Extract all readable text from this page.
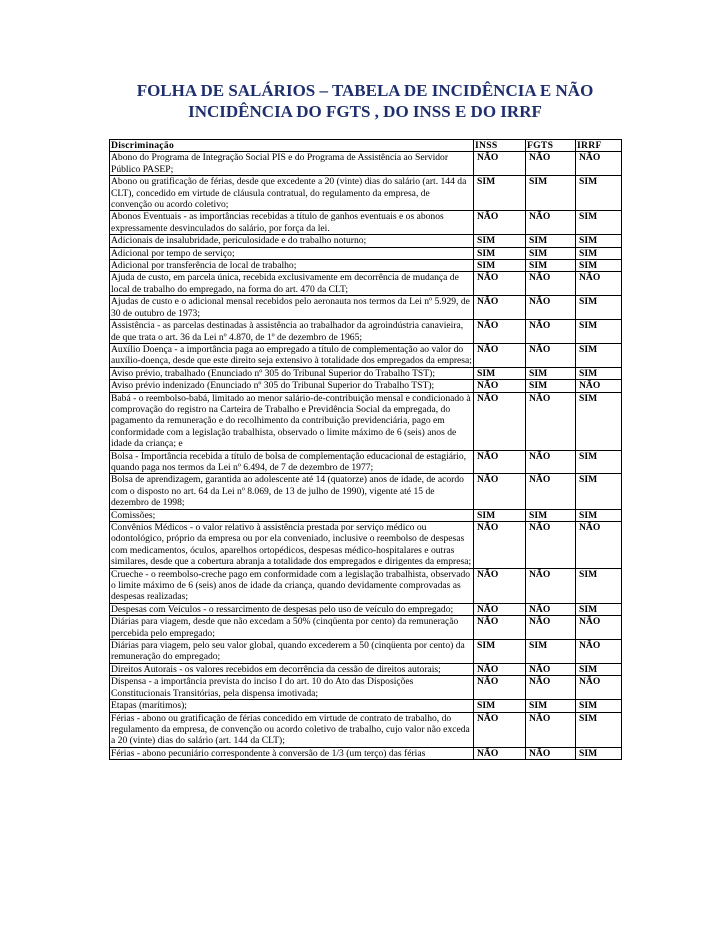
FOLHA DE SALÁRIOS – TABELA DE INCIDÊNCIA E NÃO INCIDÊNCIA DO FGTS , DO INSS E DO IRRF
Discriminação	INSS	FGTS	IRRF
Abono do Programa de Integração Social PIS e do Programa de Assistência ao Servidor Público PASEP;	NÃO	NÃO	NÃO
Abono ou gratificação de férias, desde que excedente a 20 (vinte) dias do salário (art. 144 da CLT), concedido em virtude de cláusula contratual, do regulamento da empresa, de convenção ou acordo coletivo;	SIM	SIM	SIM
Abonos Eventuais - as importâncias recebidas a título de ganhos eventuais e os abonos expressamente desvinculados do salário, por força da lei.	NÃO	NÃO	SIM
Adicionais de insalubridade, periculosidade e do trabalho noturno;	SIM	SIM	SIM
Adicional por tempo de serviço;	SIM	SIM	SIM
Adicional por transferência de local de trabalho;	SIM	SIM	SIM
Ajuda de custo, em parcela única, recebida exclusivamente em decorrência de mudança de local de trabalho do empregado, na forma do art. 470 da CLT;	NÃO	NÃO	NÃO
Ajudas de custo e o adicional mensal recebidos pelo aeronauta nos termos da Lei nº 5.929, de 30 de outubro de 1973;	NÃO	NÃO	SIM
Assistência - as parcelas destinadas à assistência ao trabalhador da agroindústria canavieira, de que trata o art. 36 da Lei nº 4.870, de 1º de dezembro de 1965;	NÃO	NÃO	SIM
Auxílio Doença - a importância paga ao empregado a título de complementação ao valor do auxílio-doença, desde que este direito seja extensivo à totalidade dos empregados da empresa;	NÃO	NÃO	SIM
Aviso prévio, trabalhado (Enunciado nº 305 do Tribunal Superior do Trabalho TST);	SIM	SIM	SIM
Aviso prévio indenizado (Enunciado nº 305 do Tribunal Superior do Trabalho TST);	NÃO	SIM	NÃO
Babá - o reembolso-babá, limitado ao menor salário-de-contribuição mensal e condicionado à comprovação do registro na Carteira de Trabalho e Previdência Social da empregada, do pagamento da remuneração e do recolhimento da contribuição previdenciária, pago em conformidade com a legislação trabalhista, observado o limite máximo de 6 (seis) anos de idade da criança; e	NÃO	NÃO	SIM
Bolsa - Importância recebida a título de bolsa de complementação educacional de estagiário, quando paga nos termos da Lei nº 6.494, de 7 de dezembro de 1977;	NÃO	NÃO	SIM
Bolsa de aprendizagem, garantida ao adolescente até 14 (quatorze) anos de idade, de acordo com o disposto no art. 64 da Lei nº 8.069, de 13 de julho de 1990), vigente até 15 de dezembro de 1998;	NÃO	NÃO	SIM
Comissões;	SIM	SIM	SIM
Convênios Médicos - o valor relativo à assistência prestada por serviço médico ou odontológico, próprio da empresa ou por ela conveniado, inclusive o reembolso de despesas com medicamentos, óculos, aparelhos ortopédicos, despesas médico-hospitalares e outras similares, desde que a cobertura abranja a totalidade dos empregados e dirigentes da empresa;	NÃO	NÃO	NÃO
Crueche - o reembolso-creche pago em conformidade com a legislação trabalhista, observado o limite máximo de 6 (seis) anos de idade da criança, quando devidamente comprovadas as despesas realizadas;	NÃO	NÃO	SIM
Despesas com Veículos - o ressarcimento de despesas pelo uso de veículo do empregado;	NÃO	NÃO	SIM
Diárias para viagem, desde que não excedam a 50% (cinqüenta por cento) da remuneração percebida pelo empregado;	NÃO	NÃO	NÃO
Diárias para viagem, pelo seu valor global, quando excederem a 50 (cinqüenta por cento) da remuneração do empregado;	SIM	SIM	NÃO
Direitos Autorais - os valores recebidos em decorrência da cessão de direitos autorais;	NÃO	NÃO	SIM
Dispensa - a importância prevista do inciso I do art. 10 do Ato das Disposições Constitucionais Transitórias, pela dispensa imotivada;	NÃO	NÃO	NÃO
Etapas (marítimos);	SIM	SIM	SIM
Férias - abono ou gratificação de férias concedido em virtude de contrato de trabalho, do regulamento da empresa, de convenção ou acordo coletivo de trabalho, cujo valor não exceda a 20 (vinte) dias do salário (art. 144 da CLT);	NÃO	NÃO	SIM
Férias - abono pecuniário correspondente à conversão de 1/3 (um terço) das férias	NÃO	NÃO	SIM
